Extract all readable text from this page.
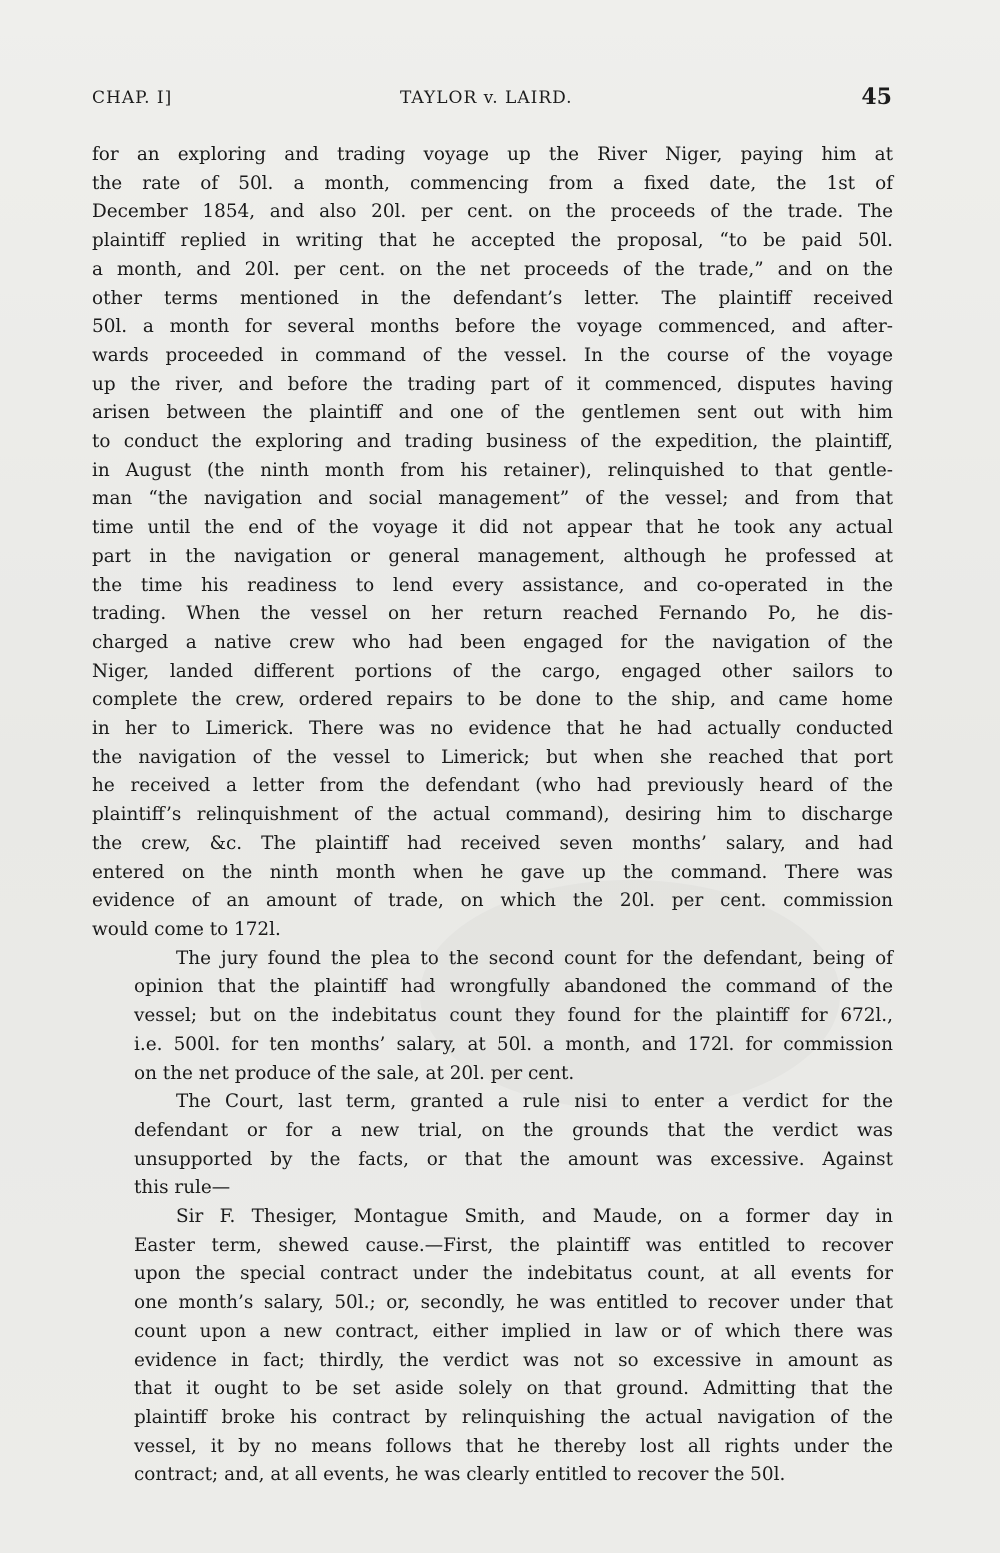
CHAP. I]	TAYLOR v. LAIRD.	45
for an exploring and trading voyage up the River Niger, paying him at
the rate of 50l. a month, commencing from a fixed date, the 1st of
December 1854, and also 20l. per cent. on the proceeds of the trade. The
plaintiff replied in writing that he accepted the proposal, “to be paid 50l.
a month, and 20l. per cent. on the net proceeds of the trade,” and on the
other terms mentioned in the defendant’s letter. The plaintiff received
50l. a month for several months before the voyage commenced, and after-
wards proceeded in command of the vessel. In the course of the voyage
up the river, and before the trading part of it commenced, disputes having
arisen between the plaintiff and one of the gentlemen sent out with him
to conduct the exploring and trading business of the expedition, the plaintiff,
in August (the ninth month from his retainer), relinquished to that gentle-
man “the navigation and social management” of the vessel; and from that
time until the end of the voyage it did not appear that he took any actual
part in the navigation or general management, although he professed at
the time his readiness to lend every assistance, and co-operated in the
trading. When the vessel on her return reached Fernando Po, he dis-
charged a native crew who had been engaged for the navigation of the
Niger, landed different portions of the cargo, engaged other sailors to
complete the crew, ordered repairs to be done to the ship, and came home
in her to Limerick. There was no evidence that he had actually conducted
the navigation of the vessel to Limerick; but when she reached that port
he received a letter from the defendant (who had previously heard of the
plaintiff’s relinquishment of the actual command), desiring him to discharge
the crew, &c. The plaintiff had received seven months’ salary, and had
entered on the ninth month when he gave up the command. There was
evidence of an amount of trade, on which the 20l. per cent. commission
would come to 172l.
The jury found the plea to the second count for the defendant, being of
opinion that the plaintiff had wrongfully abandoned the command of the
vessel; but on the indebitatus count they found for the plaintiff for 672l.,
i.e. 500l. for ten months’ salary, at 50l. a month, and 172l. for commission
on the net produce of the sale, at 20l. per cent.
The Court, last term, granted a rule nisi to enter a verdict for the
defendant or for a new trial, on the grounds that the verdict was
unsupported by the facts, or that the amount was excessive. Against
this rule—
Sir F. Thesiger, Montague Smith, and Maude, on a former day in
Easter term, shewed cause.—First, the plaintiff was entitled to recover
upon the special contract under the indebitatus count, at all events for
one month’s salary, 50l.; or, secondly, he was entitled to recover under that
count upon a new contract, either implied in law or of which there was
evidence in fact; thirdly, the verdict was not so excessive in amount as
that it ought to be set aside solely on that ground. Admitting that the
plaintiff broke his contract by relinquishing the actual navigation of the
vessel, it by no means follows that he thereby lost all rights under the
contract; and, at all events, he was clearly entitled to recover the 50l.
